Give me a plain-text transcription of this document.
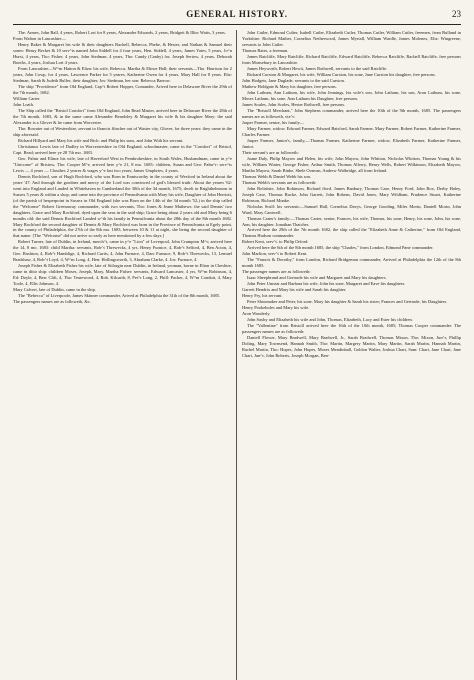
GENERAL HISTORY.	23

The. Armes, John Ball, 4 years, Robert Lort for 8 years, Alexander Edwards, 2 years, Bridgett & Illin: Watts, 3 years.

From Walton in Lancashire—

Henry Baker & Margaret his wife & their daughters Rachell, Rebecca, Phebe, & Hester, and Nathan & Samuel their sones: Henry Becket & 10 serv^ts named John Siddell for 4 four years, Hen. Siddell, 4 years, James Yates, 5 years, Jo^n Hurst, 4 years, Tho: Fisher, 4 years, John Stedman, 4 years, Tho: Candy (Canby) for, Joseph Sertow, 4 years, Deborah Booths, 4 years, Joshua Lort 4 years.

From Lancashire—W^m Hatton & Eliza: his wife, Rebecca, Martha & Elinor Hall; their servants—Tho. Harrison for 2 years, John Cowp, for 4 years, Lawrence Parker for 5 yeares, Katherine Owen for 4 years, Mary Hall for 8 years. Eliz: Stedman, Sarah & Judeth Bulfer, their daughter, Jos: Stedman, her son: Rebecca Barrow.

The ship "Providence" from Old England, Cap^t Robert Hopper, Comander, Arived here in Delaware River the 29th of the 7th month, 1682.

William Carter.

John Loath.

The Ship called the "Bristol Comfort" from Old England, John Read Master, arrived here in Delaware River the 28th of the 7th month, 1683, & in the same came Alexander Beardsley & Margaret his wife & his daughter Mary: the said Alexander is a Glover & he came from Worcester.

Tho: Bowater out of Westershire, servant to ffrancis ffincher out of Waster city, Glover, for three years: they came in the ship aforesaid.

Richard Hillyard and Mary his wife and Rich: and Philip his sons, and John With his servant.

Christianus Lewis late of Dudley in Worcestershire in Old England, schoolmaster, came in the "Comfort" of Bristol, Capt. Read; arrived here ye 28 7th mo. 1683.

Geo. Palmr and Elinor his wife, late of Haverford West in Pembrokeshire, in South Wales, Husbandman, came in y^e "Unicorne" of Bristow, Tho: Cooper M^r; arrived here y^e 21, 8 mo. 1683: children, Susan and Geo: Palm^r: serv^ts Lewis — 4 years — Clouthes 2 yeares & wages y^e last two years; James Umphries, 4 years.

Dennis Rochford, son of Hugh Rochford, who was Born in Enniscorthy in the county of Wexford in Ireland about the yeare '47: And through the goodnes and mercy of the Lord was convinced of god's blessed truth: About the yeares '62: went into England and Landed in Whitehaven in Cumberland the 30th of the 3d month, 1675; dwelt in Brighthelmston in Sussex 5 years & within a shop, and came into the province of Pennsilvania with Mary his wife, Daughter of John Herriott, (of the parish of hesperpoint in Sussex in Old England (she was Born on the 14th of the 3d month '52,) in the ship called the "Welcome" Robert Greenaway commander, with two servants, Tho: Jones & Jeane Mathews: the said Dennis' two daughters, Grace and Mary Rochford, dyed upon the seas in the said ship; Grace being about 2 years old and Mary being 6 months old: the said Dennis Rochford Landed w^th his family in Pennsilvania about the 28th day of the 8th month 1682. Mary Rochford the second daughter of Dennis & Mary Rochford was born in the Province of Pennsilvania at Egely point, in the county of Philadelphia, the 27th of the 8th mo. 1683, between 10 & 11 at night, she being the second daughter of that name. [The "Welcome" did not arrive so early as here mentioned by a few days.]

Robert Turner, late of Dublin, in Ireland, merch^t, came in y^e "Lion" of Leverpool, John Crumpton M^r; arrived here the 14, 8 mo. 1683: child Martha: servants, Rob^t Threwecks, 4 yrs, Henry Furnice, 4, Rob^t Selford, 4, Ben Acton, 4, Geo. Rushton, 4, Rob^t Hamblige, 4, Richard Curtis, 4, John Furnace, 4, Dan: Furnace, 9, Rob^t Threwecks, 13, Lemuel Bradshaw, 4, Rob^t Loyd, 4, W^m Long, 4, Hen: Hollingsworth, 3, Abraham Clarke, 4. Jos: Furnace, 4.

Joseph Fisher & Elizabeth Fisher his wife, late of Stilorgin near Dublin, in Ireland, yeoman, borne in Elton in Cheshire, came in ditto ship: children Moses, Joseph, Mary, Martha Fisher: servants, Edward Lancaster, 4 yrs, W^m Robinson, 4, Ed: Doyle, 4, Ben: Clift, 4, Tho: Tearewood, 4, Rob. Kilcarth, 8, Pet^r Long, 2, Phill: Packer, 4, W^m Conduit, 4, Mary Toole, 4, Ellis Johnson, 4.

Mary Calvert, late of Dublin, came in the ship.

The "Rebecca" of Liverpoole, James Skinner commander, Arived at Philadelphia the 31th of the 8th month, 1685.

The passengers names are as followeth, &c.

John Cutler, Edmond Culter, Isabell Cutler, Elizabeth Cutler, Thomas Cutler, William Cutler, freemen, from Bulland in Yorkshire. Richard Mather, Cornelius Netherwood, James Myriall, William Wardle, James Molenex, Eliz: Wingreene, servants to John Cutler.

Thomas Bates, a freeman.

James Ratcliffe, Mary Ratcliffe, Richard Ratcliffe, Edward Ratcliffe, Rebecca Ratcliffe, Rachell Ratcliffe, free persons from Monsebury in Lancashire.

James Heyworth, Robert Hewit, James Rothwell, servants to the said Ratcliffe.

Richard Curston & Margaret, his wife, William Curston, his sone, Jane Curston his daughter, free persons.

John Hodgets, Jane Duglade, servants to the said Curston.

Mathew Holdgate & Mary his daughter, free persons.

John Lathum, Ann Lathum, his wife, John Jennings, his wife's son, John Lathum, his son, Aron Lathum, his sone, Moses Lathum, his sone, Ann Lathum his Daughter, free persons.

James Soules, John Scoles, Hester Rothwell, free persons.

The "Bristoll Merchant," John Stephens commander, arrived here the 10th of the 9th month, 1685. The passengers names are as followeth, viz^t:

Jasper Farmer, senior, his family—

Mary Farmer, widow. Edward Farmer, Edward Batsford, Sarah Farmer, Mary Farmer, Robert Farmer, Katherine Farmer, Charles Farmer.

Jasper Farmer, Junior's, family,—Thomas Farmer, Katherine Farmer, widow, Elizabeth Farmer, Katherine Farmer, Junior.

Their servant's are as followeth:

Joane Daly, Philip Mayow and Helen, his wife, John Mayow, John Whitton, Nicholas Whitton, Thomas Young & his wife, William Winter, George Fisher, Arthur Smith, Thomas Alferry, Henry Wells, Robert Wilkinson, Elizabeth Mayow, Martha Mayow, Sarah Binke, Shele Oonvan, Andrew Walbridge, all from Ireland.

Thomas Webb & Daniel Webb his son.

Thomas Webb's servants are as followeth:

John Boltsbire, John Robinson, Richard fford, James Banbury, Thomas Case, Henry Ford, John Box, Derby Haley, Joseph Case, Thomas Rucke, John Garrett, John Robens, David Jones, Mary Wildham, Prudence Stuart, Katherine Robinson, Richard Munke.

Nicholas Scull: his servants:—Samuel Hall, Cornelius Davys, George Gooding, Miles Morin, Daniell Morin, John Ward, Mary Cantwell.

Thomas Carter's family:—Thomas Carter, senior, Frances, his wife, Thomas, his sone, Henry, his sone, John, his sone, Ann, his daughter. Jonathan Thatcher.

Arrived here the 29th of the 7th month 1682, the ship called the "Elizabeth Anne & Catherine," from Old England, Thomas Hudson commander.

Robert Kent, serv^t. to Philip Orford.

Arrived here the 6th of the 8th month 1685, the ship "Charles," from London, Edmond Pane commander.

John Marlton, serv^t to Robert Kent.

The "Francis & Dorothy," from London, Richard Bridgeman commander, Arrived at Philadelphia the 12th of the 8th month 1685.

The passenger names are as followeth:

Isaac Sheepbrand and Gertrude his wife and Margaret and Mary his daughters.

John Peter Umstat and Barbara his wife, John his sone, Margaret and Eave his daughters.

Garrett Hendrix and Mary his wife and Sarah his daughter.

Henry Fry, his servant.

Peter Shoomaker and Peter, his sone, Mary his daughter & Sarah his sister; Frances and Gertrude, his Daughters.

Henry Pookeboles and Mary his wife.

Aron Wonderly.

John Saxby and Elizabeth his wife and John, Thomas, Elizabeth, Lucy and Ester his children.

The "Vallentine" from Bristoll arrived here the 16th of the 10th month, 1685; Thomas Cooper commander. The passengers names are as followeth:

Daniell Flower, Mary Bradwell, Mary Bradwell, Jr., Sarah Bradwell, Thomas Mixon, Tho: Mixon, Jun^r, Phillip Doling, Mary Townsend, Hannah Smith, Tho: Martin, Margery Martin, Mary Martin, Sarah Martin, Hannah Martin, Rachel Martin, Tho: Hopes, John Hopes, Moses Mendinhall, Goldon Walter, Joshua Chart, Sam: Chart, Jane Chart, Jane Chart, Jun^r, John Roberts, Joseph Morgan, Ben-
